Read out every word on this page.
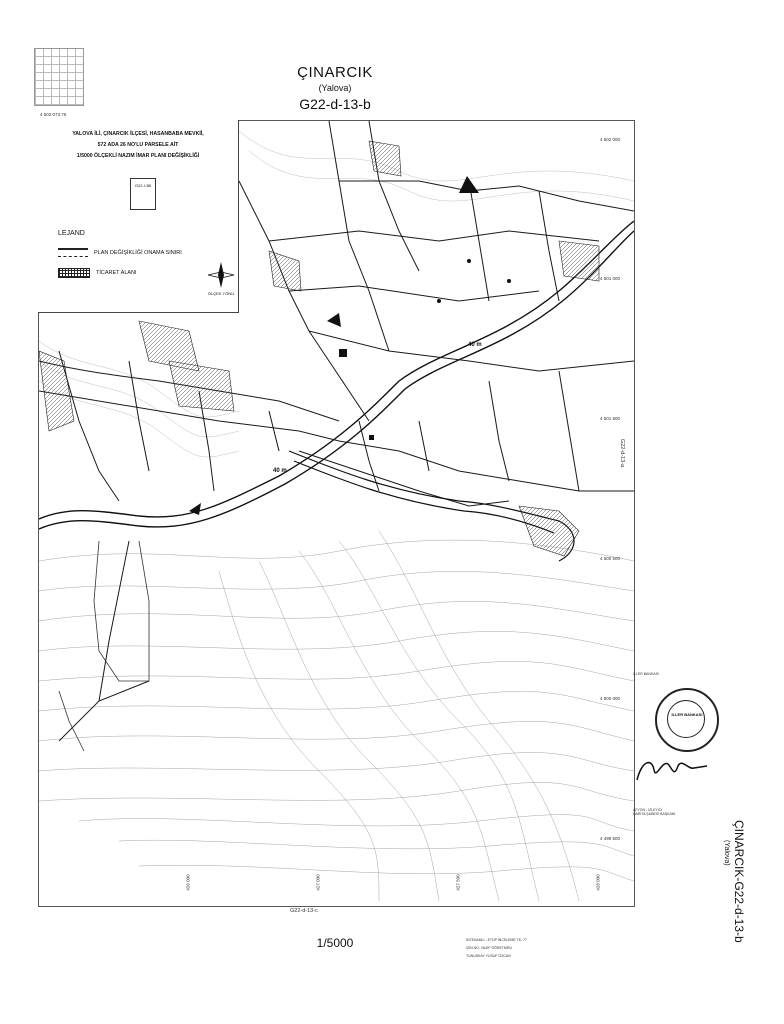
ÇINARCIK
(Yalova)
G22-d-13-b
YALOVA İLİ, ÇINARCIK İLÇESİ, HASANBABA MEVKİİ,
572 ADA 26 NO'LU PARSELE AİT
1/5000 ÖLÇEKLİ NAZIM İMAR PLANI DEĞİŞİKLİĞİ
G22-I-3B
LEJAND
PLAN DEĞİŞİKLİĞİ ONAMA SINIRI
TİCARET ALANI
ÖLÇEK YÖNÜ
4 502 073.75
4 502 000
4 501 000
4 501 500
4 500 500
4 500 000
4 499 500
426 000	427 000	427 500	428 000
G22-d-13-c
G22-d-13-a
40 m
40 m
1/5000	İNTEKAMLI - ETÜP İNCELEME TK: 77
İZİN NO: YAZIP ÖĞRETMEN
TUNUSKAY YUSUF ÖZCAN
İLLER BANKASI
İLLER BANKASI
AFYON - İZLEYİCİ
HARİTA ŞUBESİ BAŞKANI
ÇINARCIK-G22-d-13-b
(Yalova)
